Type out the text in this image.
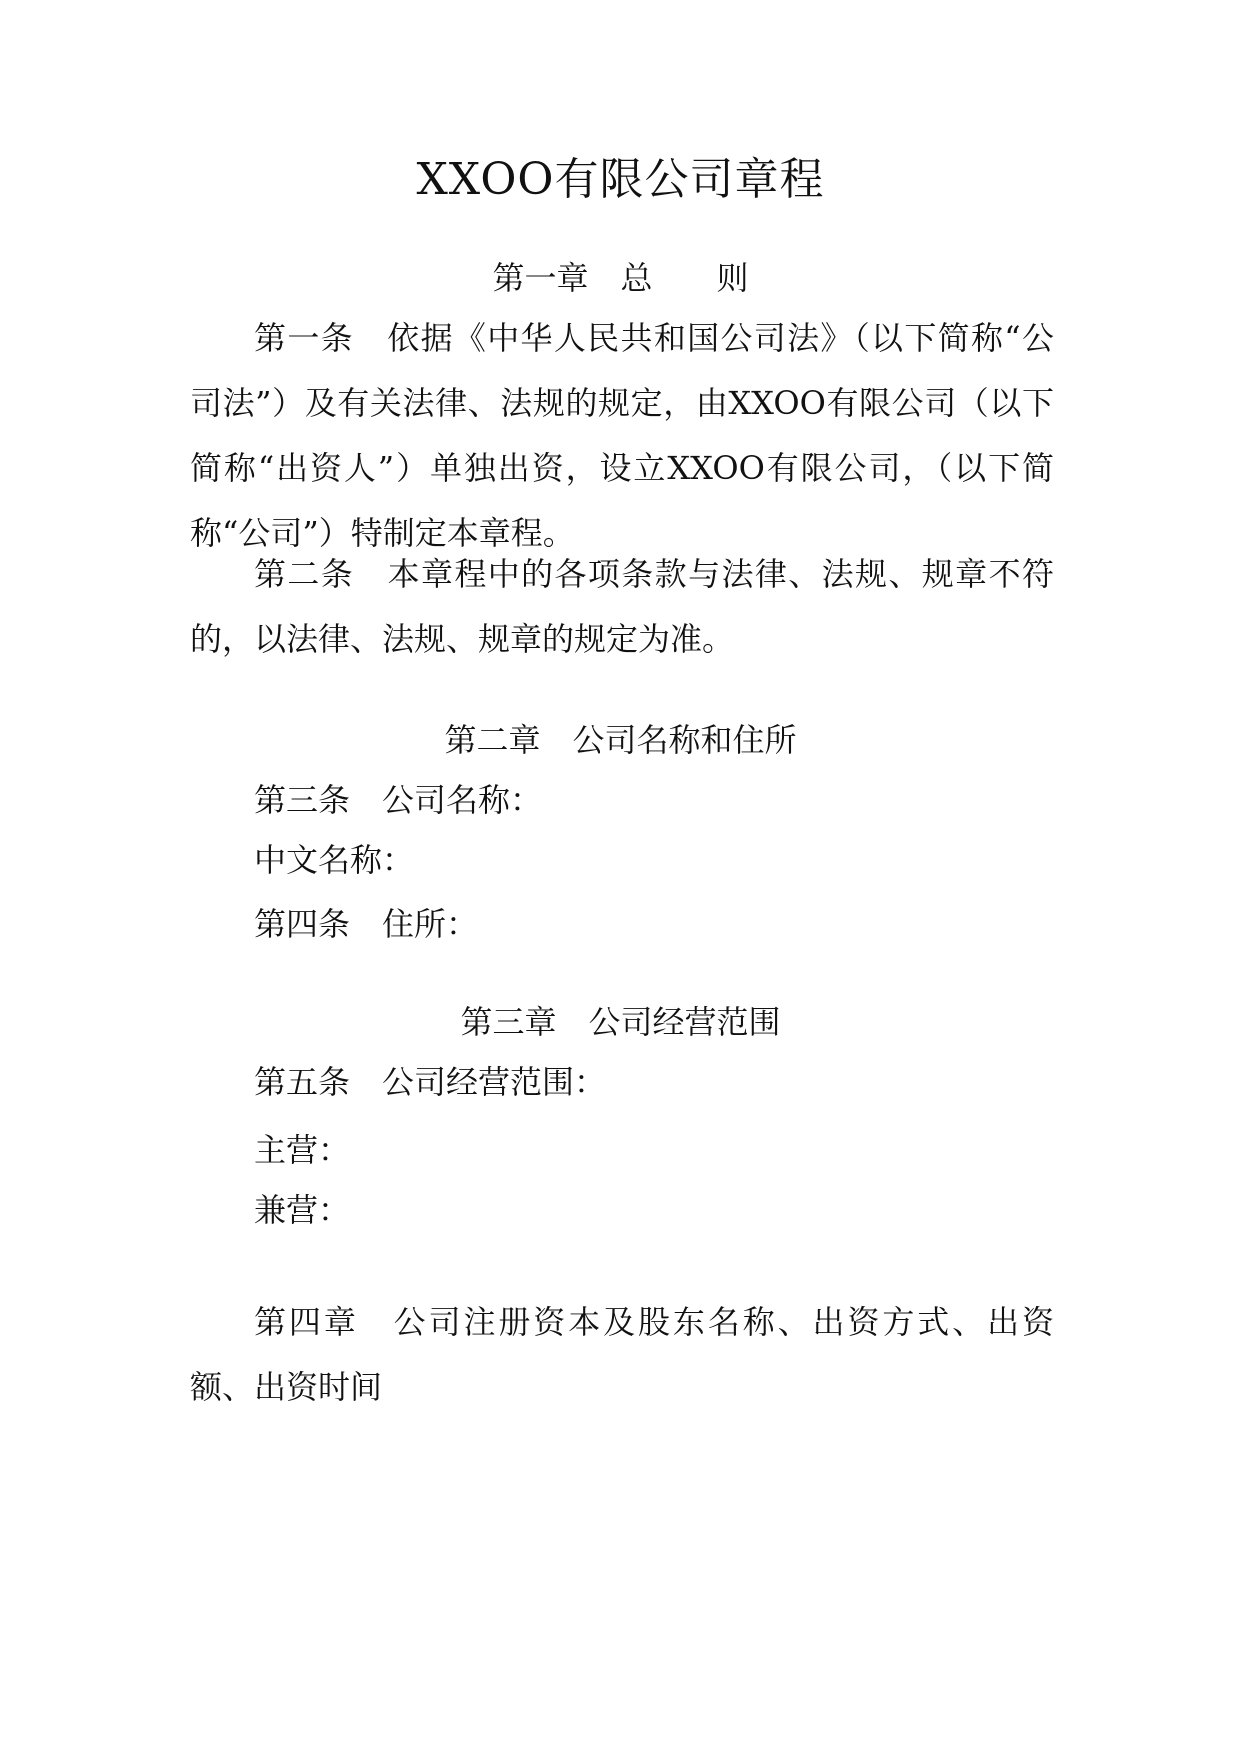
XXOO有限公司章程
第一章　总　　则

第一条　 依据《中华人民共和国公司法》（以下简称“公司法”）及有关法律、法规的规定，由XXOO有限公司（以下简称“出资人”）单独出资，设立XXOO有限公司，（以下简称“公司”）特制定本章程。

第二条　 本章程中的各项条款与法律、法规、规章不符的，以法律、法规、规章的规定为准。

第二章　公司名称和住所

第三条　公司名称：

中文名称：

第四条　住所：

第三章　公司经营范围

第五条　公司经营范围：

主营：

兼营：

第四章　 公司注册资本及股东名称、出资方式、出资额、出资时间
